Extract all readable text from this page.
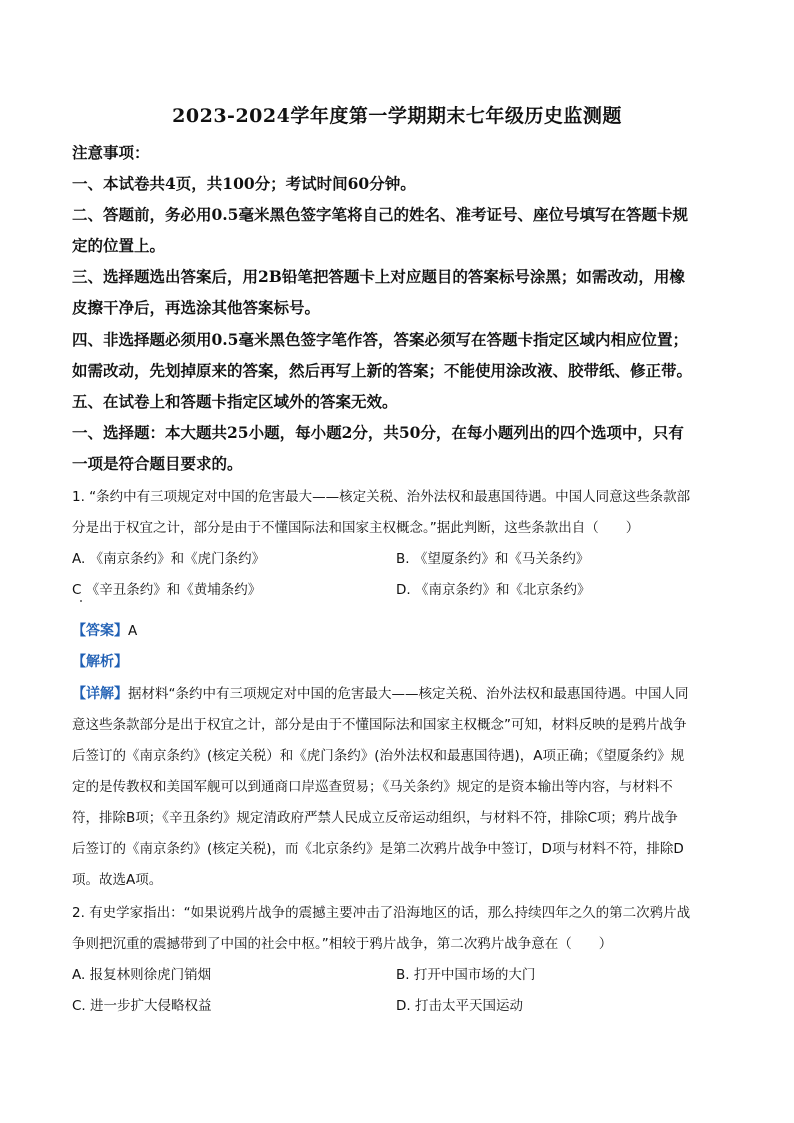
2023-2024学年度第一学期期末七年级历史监测题
注意事项：
一、本试卷共4页，共100分；考试时间60分钟。
二、答题前，务必用0.5毫米黑色签字笔将自己的姓名、准考证号、座位号填写在答题卡规
定的位置上。
三、选择题选出答案后，用2B铅笔把答题卡上对应题目的答案标号涂黑；如需改动，用橡
皮擦干净后，再选涂其他答案标号。
四、非选择题必须用0.5毫米黑色签字笔作答，答案必须写在答题卡指定区域内相应位置；
如需改动，先划掉原来的答案，然后再写上新的答案；不能使用涂改液、胶带纸、修正带。
五、在试卷上和答题卡指定区域外的答案无效。
一、选择题：本大题共25小题，每小题2分，共50分，在每小题列出的四个选项中，只有
一项是符合题目要求的。
1. “条约中有三项规定对中国的危害最大——核定关税、治外法权和最惠国待遇。中国人同意这些条款部
分是出于权宜之计，部分是由于不懂国际法和国家主权概念。”据此判断，这些条款出自（　　）
A. 《南京条约》和《虎门条约》	B. 《望厦条约》和《马关条约》
C 《辛丑条约》和《黄埔条约》	D. 《南京条约》和《北京条约》
【答案】A
【解析】
【详解】据材料“条约中有三项规定对中国的危害最大——核定关税、治外法权和最惠国待遇。中国人同
意这些条款部分是出于权宜之计，部分是由于不懂国际法和国家主权概念”可知，材料反映的是鸦片战争
后签订的《南京条约》(核定关税）和《虎门条约》(治外法权和最惠国待遇)，A项正确；《望厦条约》规
定的是传教权和美国军舰可以到通商口岸巡查贸易；《马关条约》规定的是资本输出等内容，与材料不
符，排除B项；《辛丑条约》规定清政府严禁人民成立反帝运动组织，与材料不符，排除C项；鸦片战争
后签订的《南京条约》(核定关税)，而《北京条约》是第二次鸦片战争中签订，D项与材料不符，排除D
项。故选A项。
2. 有史学家指出：“如果说鸦片战争的震撼主要冲击了沿海地区的话，那么持续四年之久的第二次鸦片战
争则把沉重的震撼带到了中国的社会中枢。”相较于鸦片战争，第二次鸦片战争意在（　　）
A. 报复林则徐虎门销烟	B. 打开中国市场的大门
C. 进一步扩大侵略权益	D. 打击太平天国运动
